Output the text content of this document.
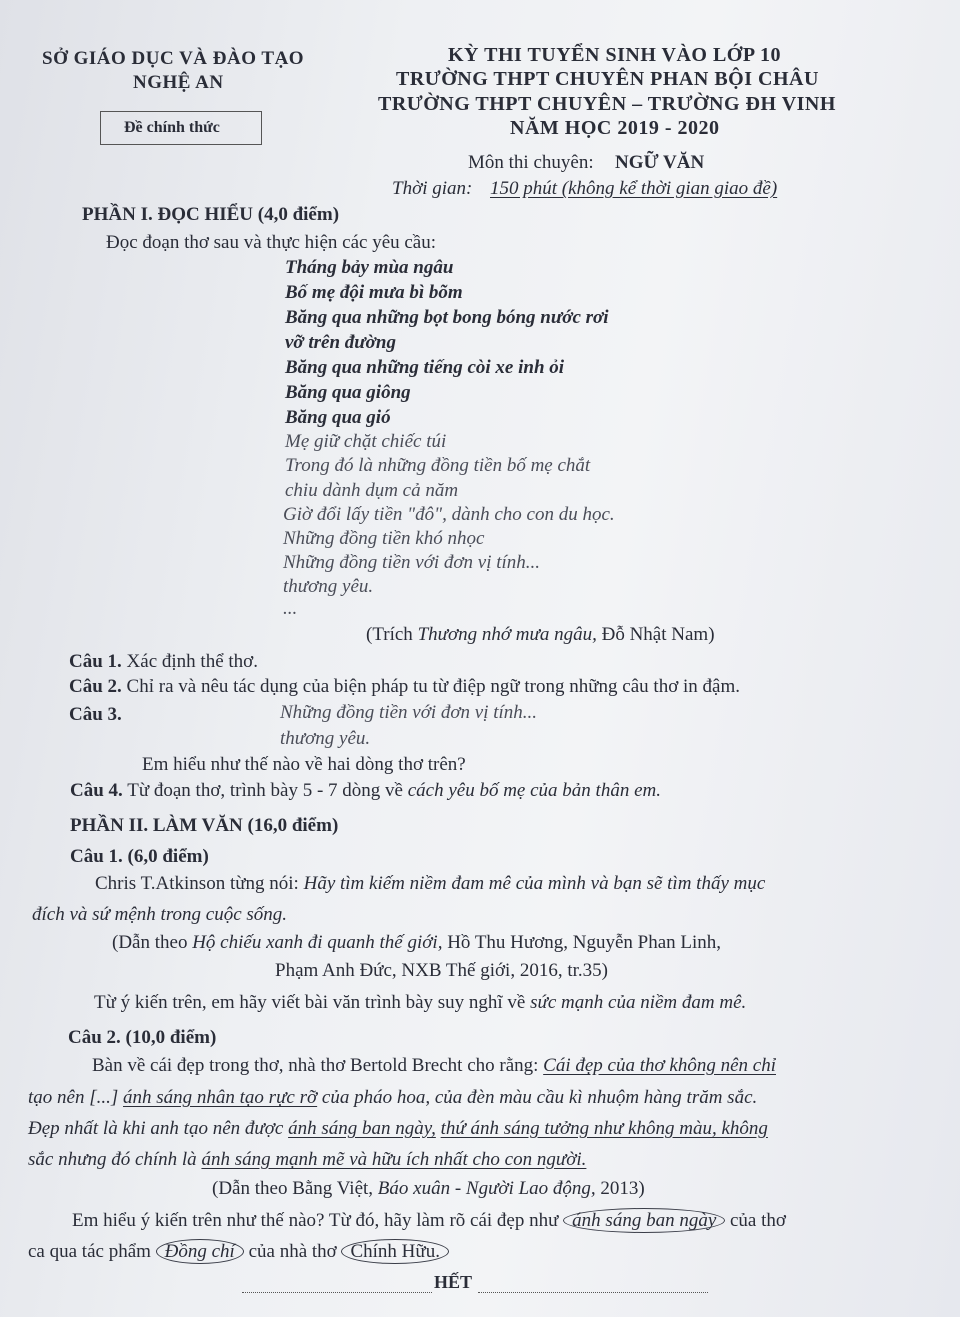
SỞ GIÁO DỤC VÀ ĐÀO TẠO
NGHỆ AN
Đề chính thức
KỲ THI TUYỂN SINH VÀO LỚP 10
TRƯỜNG THPT CHUYÊN PHAN BỘI CHÂU
TRƯỜNG THPT CHUYÊN – TRƯỜNG ĐH VINH
NĂM HỌC 2019 - 2020
Môn thi chuyên: NGỮ VĂN
Thời gian: 150 phút (không kể thời gian giao đề)
PHẦN I. ĐỌC HIỂU (4,0 điểm)
Đọc đoạn thơ sau và thực hiện các yêu cầu:
Tháng bảy mùa ngâu
Bố mẹ đội mưa bì bõm
Băng qua những bọt bong bóng nước rơi
vỡ trên đường
Băng qua những tiếng còi xe inh ỏi
Băng qua giông
Băng qua gió
Mẹ giữ chặt chiếc túi
Trong đó là những đồng tiền bố mẹ chắt
chiu dành dụm cả năm
Giờ đổi lấy tiền "đô", dành cho con du học.
Những đồng tiền khó nhọc
Những đồng tiền với đơn vị tính...
thương yêu.
...
(Trích Thương nhớ mưa ngâu, Đỗ Nhật Nam)
Câu 1. Xác định thể thơ.
Câu 2. Chỉ ra và nêu tác dụng của biện pháp tu từ điệp ngữ trong những câu thơ in đậm.
Câu 3.	Những đồng tiền với đơn vị tính...
thương yêu.
Em hiểu như thế nào về hai dòng thơ trên?
Câu 4. Từ đoạn thơ, trình bày 5 - 7 dòng về cách yêu bố mẹ của bản thân em.
PHẦN II. LÀM VĂN (16,0 điểm)
Câu 1. (6,0 điểm)
Chris T.Atkinson từng nói: Hãy tìm kiếm niềm đam mê của mình và bạn sẽ tìm thấy mục
đích và sứ mệnh trong cuộc sống.
(Dẫn theo Hộ chiếu xanh đi quanh thế giới, Hồ Thu Hương, Nguyễn Phan Linh,
Phạm Anh Đức, NXB Thế giới, 2016, tr.35)
Từ ý kiến trên, em hãy viết bài văn trình bày suy nghĩ về sức mạnh của niềm đam mê.
Câu 2. (10,0 điểm)
Bàn về cái đẹp trong thơ, nhà thơ Bertold Brecht cho rằng: Cái đẹp của thơ không nên chỉ
tạo nên [...] ánh sáng nhân tạo rực rỡ của pháo hoa, của đèn màu cầu kì nhuộm hàng trăm sắc.
Đẹp nhất là khi anh tạo nên được ánh sáng ban ngày, thứ ánh sáng tưởng như không màu, không
sắc nhưng đó chính là ánh sáng mạnh mẽ và hữu ích nhất cho con người.
(Dẫn theo Bằng Việt, Báo xuân - Người Lao động, 2013)
Em hiểu ý kiến trên như thế nào? Từ đó, hãy làm rõ cái đẹp như ánh sáng ban ngày của thơ
ca qua tác phẩm Đồng chí của nhà thơ Chính Hữu.
HẾT
